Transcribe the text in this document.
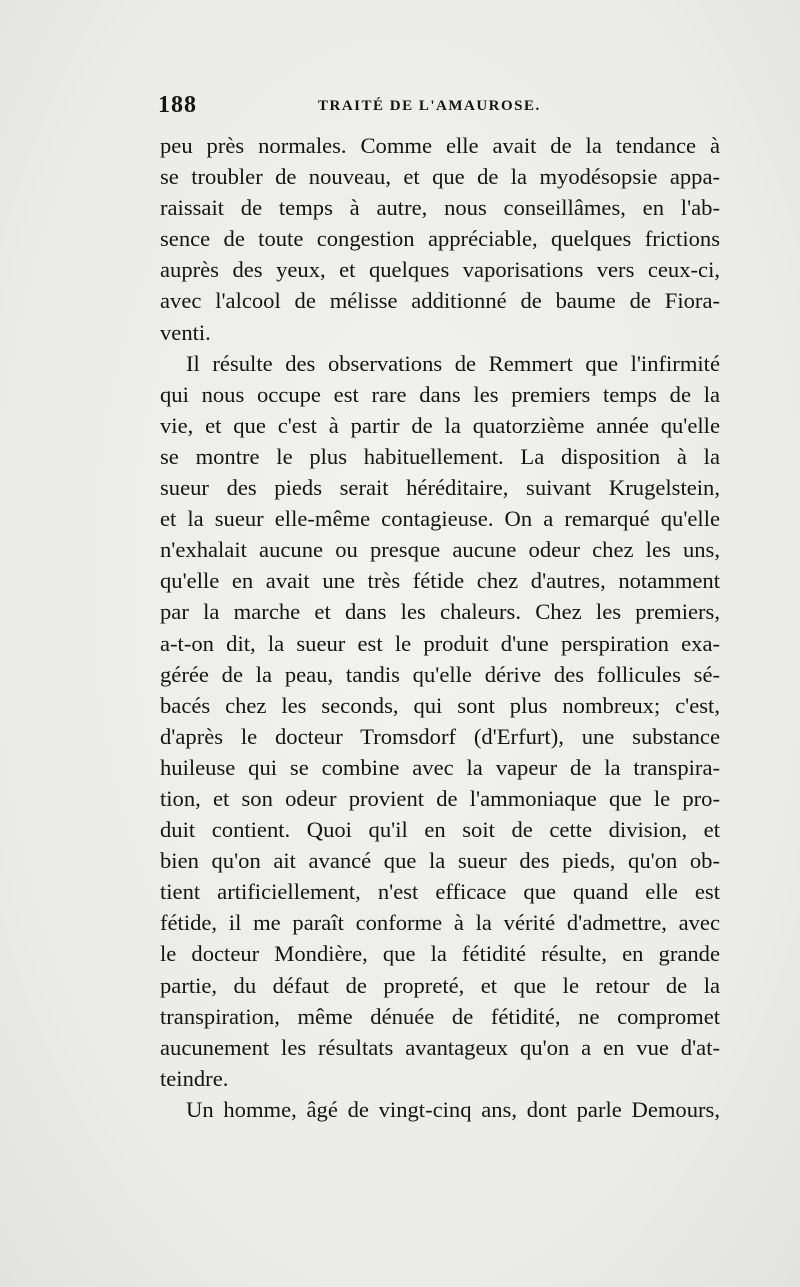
188	TRAITÉ DE L'AMAUROSE.
peu près normales. Comme elle avait de la tendance à
se troubler de nouveau, et que de la myodésopsie appa-
raissait de temps à autre, nous conseillâmes, en l'ab-
sence de toute congestion appréciable, quelques frictions
auprès des yeux, et quelques vaporisations vers ceux-ci,
avec l'alcool de mélisse additionné de baume de Fiora-
venti.
Il résulte des observations de Remmert que l'infirmité
qui nous occupe est rare dans les premiers temps de la
vie, et que c'est à partir de la quatorzième année qu'elle
se montre le plus habituellement. La disposition à la
sueur des pieds serait héréditaire, suivant Krugelstein,
et la sueur elle-même contagieuse. On a remarqué qu'elle
n'exhalait aucune ou presque aucune odeur chez les uns,
qu'elle en avait une très fétide chez d'autres, notamment
par la marche et dans les chaleurs. Chez les premiers,
a-t-on dit, la sueur est le produit d'une perspiration exa-
gérée de la peau, tandis qu'elle dérive des follicules sé-
bacés chez les seconds, qui sont plus nombreux; c'est,
d'après le docteur Tromsdorf (d'Erfurt), une substance
huileuse qui se combine avec la vapeur de la transpira-
tion, et son odeur provient de l'ammoniaque que le pro-
duit contient. Quoi qu'il en soit de cette division, et
bien qu'on ait avancé que la sueur des pieds, qu'on ob-
tient artificiellement, n'est efficace que quand elle est
fétide, il me paraît conforme à la vérité d'admettre, avec
le docteur Mondière, que la fétidité résulte, en grande
partie, du défaut de propreté, et que le retour de la
transpiration, même dénuée de fétidité, ne compromet
aucunement les résultats avantageux qu'on a en vue d'at-
teindre.
Un homme, âgé de vingt-cinq ans, dont parle Demours,
